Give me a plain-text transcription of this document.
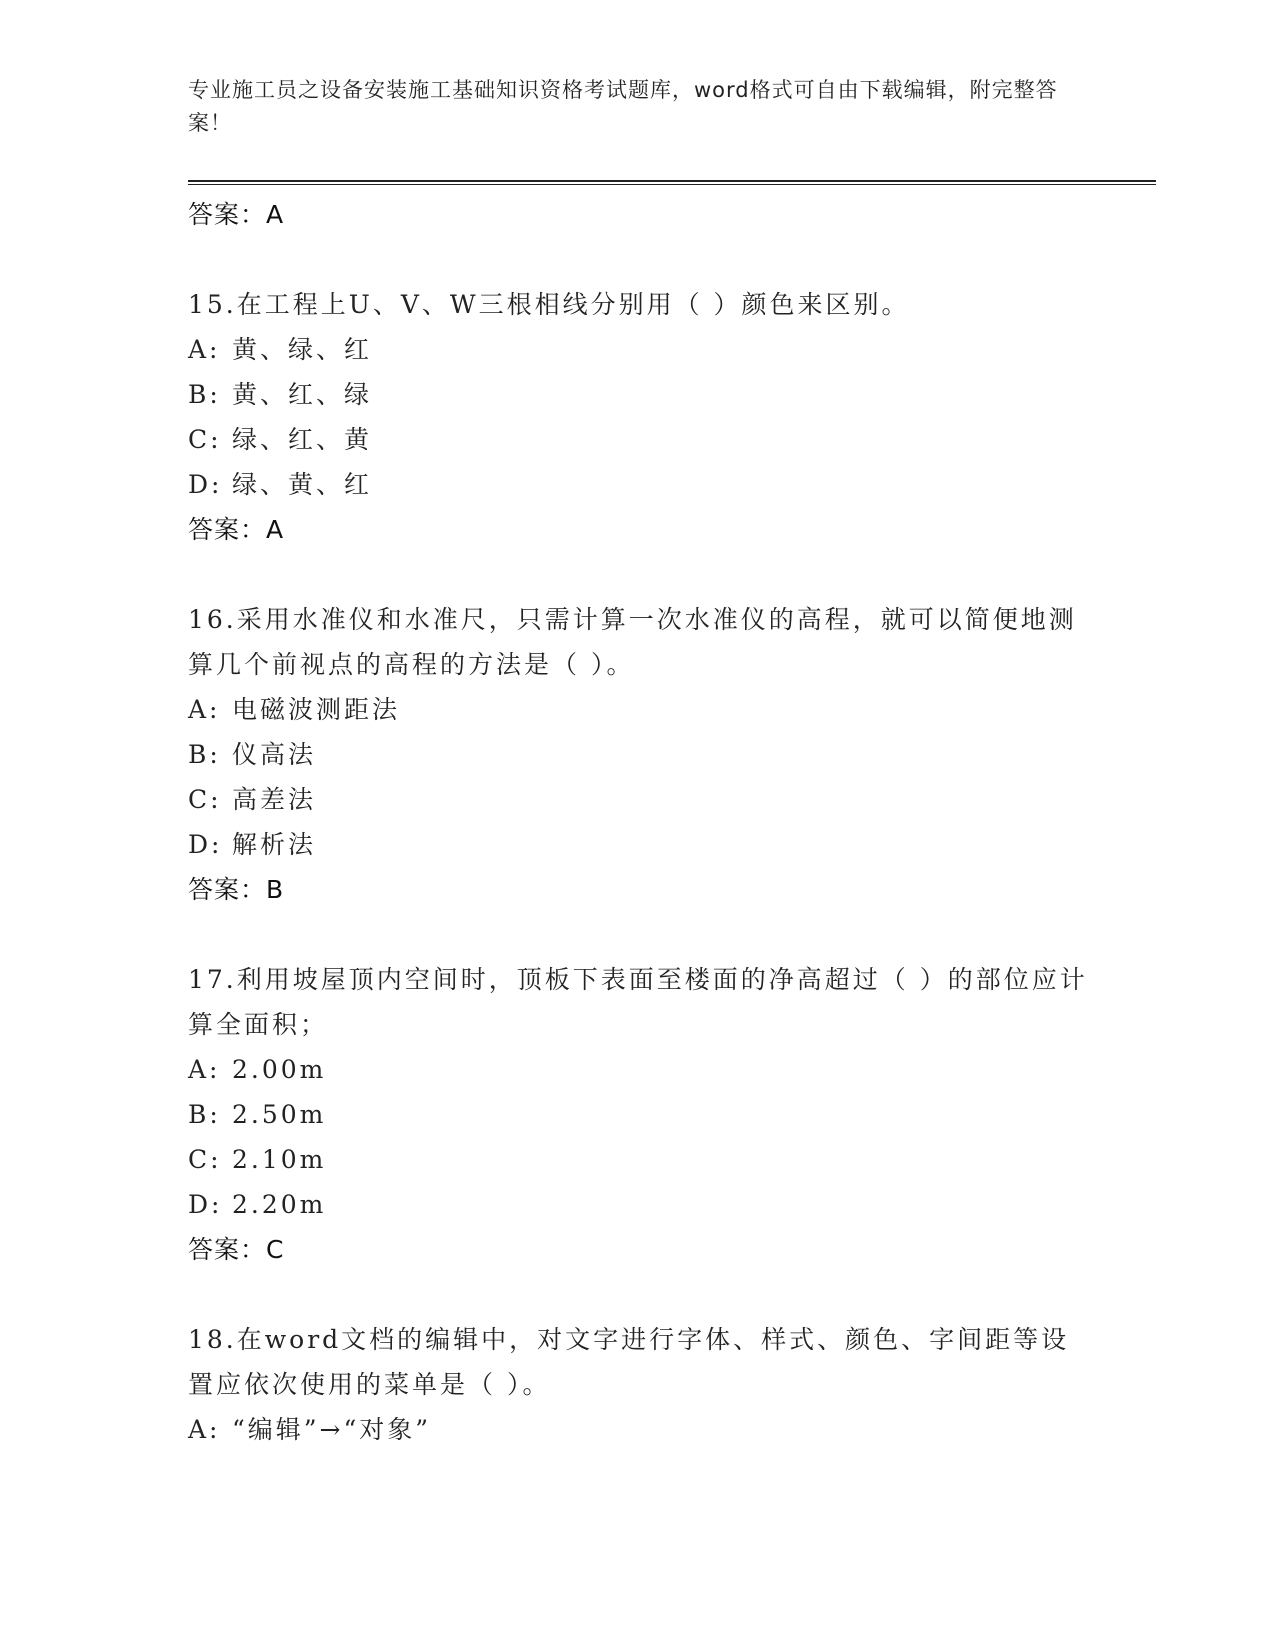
专业施工员之设备安装施工基础知识资格考试题库，word格式可自由下载编辑，附完整答案！
答案：A
15.在工程上U、V、W三根相线分别用（ ）颜色来区别。
A: 黄、绿、红
B: 黄、红、绿
C: 绿、红、黄
D: 绿、黄、红
答案：A
16.采用水准仪和水准尺，只需计算一次水准仪的高程，就可以简便地测算几个前视点的高程的方法是（ ）。
A: 电磁波测距法
B: 仪高法
C: 高差法
D: 解析法
答案：B
17.利用坡屋顶内空间时，顶板下表面至楼面的净高超过（ ）的部位应计算全面积；
A: 2.00m
B: 2.50m
C: 2.10m
D: 2.20m
答案：C
18.在word文档的编辑中，对文字进行字体、样式、颜色、字间距等设置应依次使用的菜单是（ ）。
A: “编辑”→“对象”
